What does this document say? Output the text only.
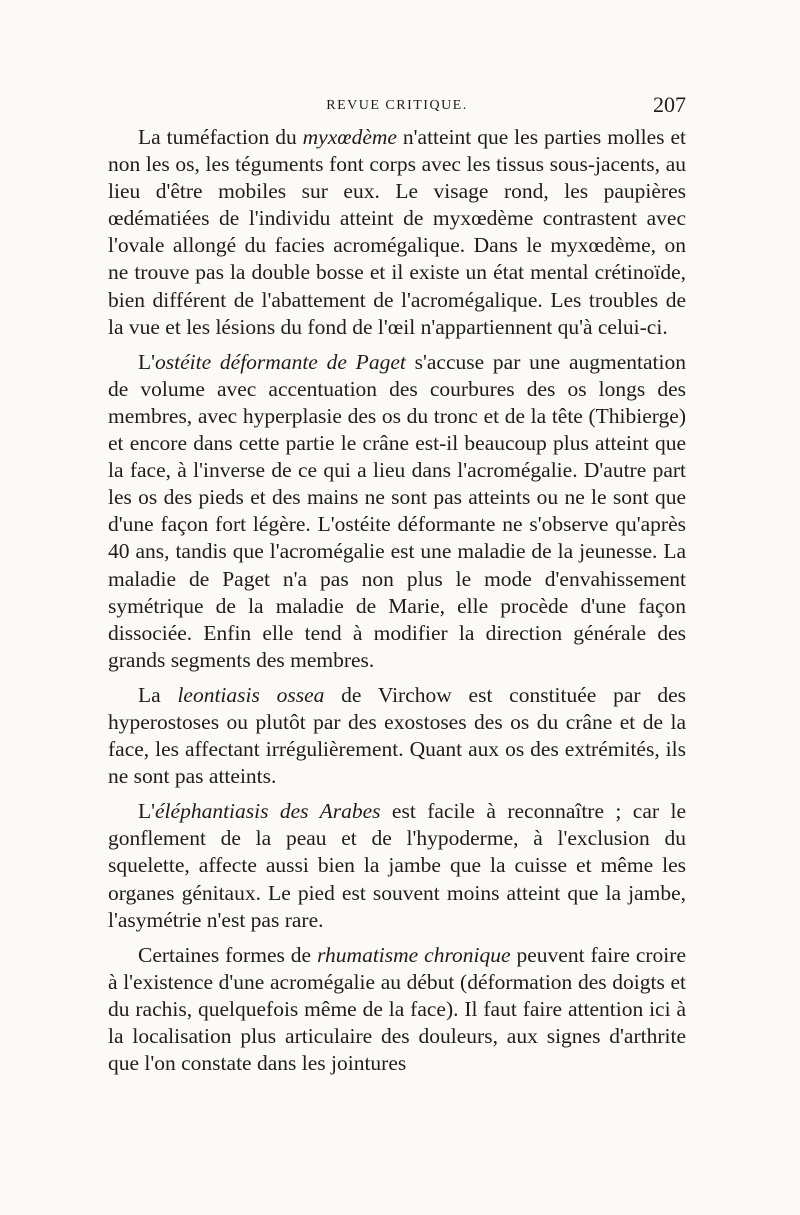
REVUE CRITIQUE.	207

La tuméfaction du myxœdème n'atteint que les parties molles et non les os, les téguments font corps avec les tissus sous-jacents, au lieu d'être mobiles sur eux. Le visage rond, les paupières œdématiées de l'individu atteint de myxœdème contrastent avec l'ovale allongé du facies acromégalique. Dans le myxœdème, on ne trouve pas la double bosse et il existe un état mental crétinoïde, bien différent de l'abattement de l'acromégalique. Les troubles de la vue et les lésions du fond de l'œil n'appartiennent qu'à celui-ci.

L'ostéite déformante de Paget s'accuse par une augmentation de volume avec accentuation des courbures des os longs des membres, avec hyperplasie des os du tronc et de la tête (Thibierge) et encore dans cette partie le crâne est-il beaucoup plus atteint que la face, à l'inverse de ce qui a lieu dans l'acromégalie. D'autre part les os des pieds et des mains ne sont pas atteints ou ne le sont que d'une façon fort légère. L'ostéite déformante ne s'observe qu'après 40 ans, tandis que l'acromégalie est une maladie de la jeunesse. La maladie de Paget n'a pas non plus le mode d'envahissement symétrique de la maladie de Marie, elle procède d'une façon dissociée. Enfin elle tend à modifier la direction générale des grands segments des membres.

La leontiasis ossea de Virchow est constituée par des hyperostoses ou plutôt par des exostoses des os du crâne et de la face, les affectant irrégulièrement. Quant aux os des extrémités, ils ne sont pas atteints.

L'éléphantiasis des Arabes est facile à reconnaître ; car le gonflement de la peau et de l'hypoderme, à l'exclusion du squelette, affecte aussi bien la jambe que la cuisse et même les organes génitaux. Le pied est souvent moins atteint que la jambe, l'asymétrie n'est pas rare.

Certaines formes de rhumatisme chronique peuvent faire croire à l'existence d'une acromégalie au début (déformation des doigts et du rachis, quelquefois même de la face). Il faut faire attention ici à la localisation plus articulaire des douleurs, aux signes d'arthrite que l'on constate dans les jointures
